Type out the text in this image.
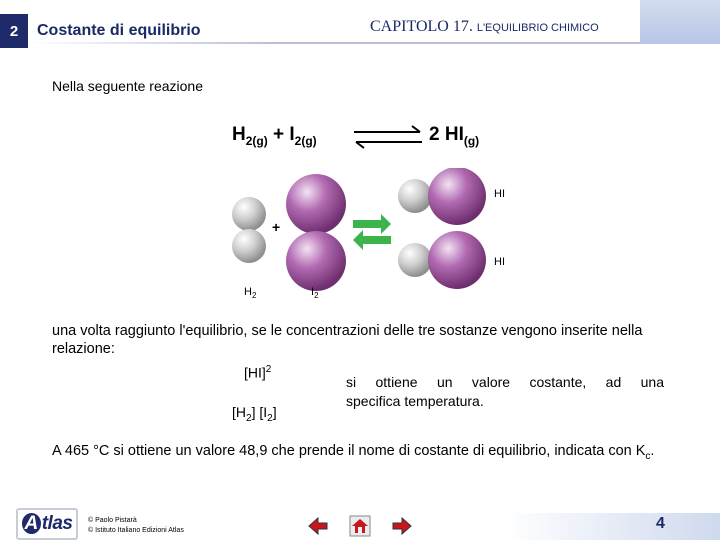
2	Costante di equilibrio	CAPITOLO 17. L'EQUILIBRIO CHIMICO
Nella seguente reazione
$H_{2(g)} + I_{2(g)}$	2 $HI_{(g)}$
HI
HI
+
$H_2$	$I_2$
una volta raggiunto l'equilibrio, se le concentrazioni delle tre sostanze vengono inserite nella relazione:
[HI]$^2$
$[H_2]$ $[I_2]$
si ottiene un valore costante, ad una
specifica temperatura.
A 465 °C si ottiene un valore 48,9 che prende il nome di costante di equilibrio, indicata con $K_c$.
A tlas © Paolo Pistarà
© Istituto Italiano Edizioni Atlas	4
